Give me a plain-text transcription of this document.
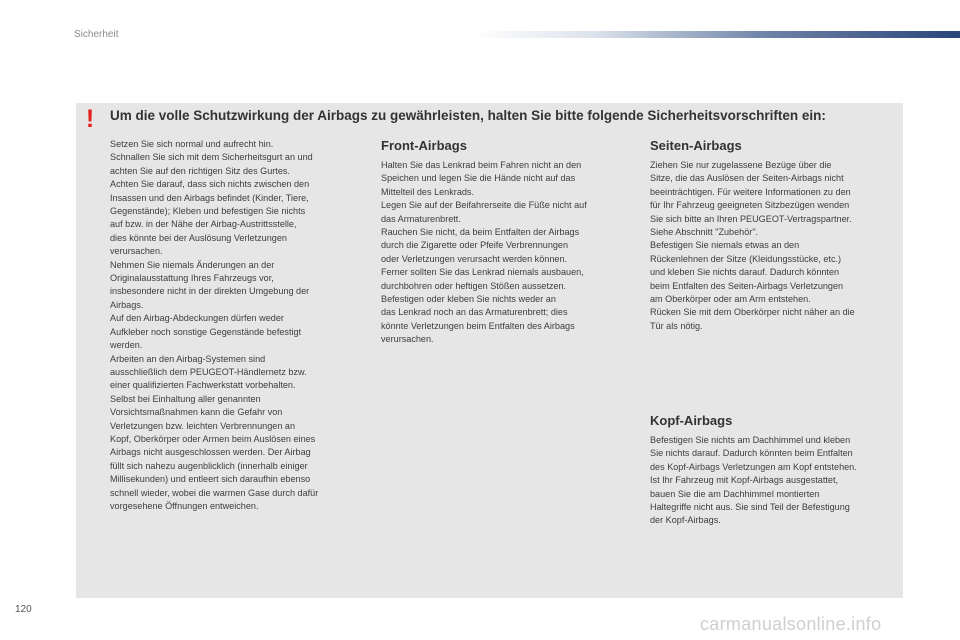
Sicherheit
! Um die volle Schutzwirkung der Airbags zu gewährleisten, halten Sie bitte folgende Sicherheitsvorschriften ein:

Setzen Sie sich normal und aufrecht hin.

Schnallen Sie sich mit dem Sicherheitsgurt an und

achten Sie auf den richtigen Sitz des Gurtes.

Achten Sie darauf, dass sich nichts zwischen den

Insassen und den Airbags befindet (Kinder, Tiere,

Gegenstände); Kleben und befestigen Sie nichts

auf bzw. in der Nähe der Airbag-Austrittsstelle,

dies könnte bei der Auslösung Verletzungen

verursachen.

Nehmen Sie niemals Änderungen an der

Originalausstattung Ihres Fahrzeugs vor,

insbesondere nicht in der direkten Umgebung der

Airbags.

Auf den Airbag-Abdeckungen dürfen weder

Aufkleber noch sonstige Gegenstände befestigt

werden.

Arbeiten an den Airbag-Systemen sind

ausschließlich dem PEUGEOT-Händlernetz bzw.

einer qualifizierten Fachwerkstatt vorbehalten.

Selbst bei Einhaltung aller genannten

Vorsichtsmaßnahmen kann die Gefahr von

Verletzungen bzw. leichten Verbrennungen an

Kopf, Oberkörper oder Armen beim Auslösen eines

Airbags nicht ausgeschlossen werden. Der Airbag

füllt sich nahezu augenblicklich (innerhalb einiger

Millisekunden) und entleert sich daraufhin ebenso

schnell wieder, wobei die warmen Gase durch dafür

vorgesehene Öffnungen entweichen.

Front-Airbags

Halten Sie das Lenkrad beim Fahren nicht an den

Speichen und legen Sie die Hände nicht auf das

Mittelteil des Lenkrads.

Legen Sie auf der Beifahrerseite die Füße nicht auf

das Armaturenbrett.

Rauchen Sie nicht, da beim Entfalten der Airbags

durch die Zigarette oder Pfeife Verbrennungen

oder Verletzungen verursacht werden können.

Ferner sollten Sie das Lenkrad niemals ausbauen,

durchbohren oder heftigen Stößen aussetzen.

Befestigen oder kleben Sie nichts weder an

das Lenkrad noch an das Armaturenbrett; dies

könnte Verletzungen beim Entfalten des Airbags

verursachen.

Seiten-Airbags

Ziehen Sie nur zugelassene Bezüge über die

Sitze, die das Auslösen der Seiten-Airbags nicht

beeinträchtigen. Für weitere Informationen zu den

für Ihr Fahrzeug geeigneten Sitzbezügen wenden

Sie sich bitte an Ihren PEUGEOT-Vertragspartner.

Siehe Abschnitt "Zubehör".

Befestigen Sie niemals etwas an den

Rückenlehnen der Sitze (Kleidungsstücke, etc.)

und kleben Sie nichts darauf. Dadurch könnten

beim Entfalten des Seiten-Airbags Verletzungen

am Oberkörper oder am Arm entstehen.

Rücken Sie mit dem Oberkörper nicht näher an die

Tür als nötig.

Kopf-Airbags

Befestigen Sie nichts am Dachhimmel und kleben

Sie nichts darauf. Dadurch könnten beim Entfalten

des Kopf-Airbags Verletzungen am Kopf entstehen.

Ist Ihr Fahrzeug mit Kopf-Airbags ausgestattet,

bauen Sie die am Dachhimmel montierten

Haltegriffe nicht aus. Sie sind Teil der Befestigung

der Kopf-Airbags.

120
carmanualsonline.info
